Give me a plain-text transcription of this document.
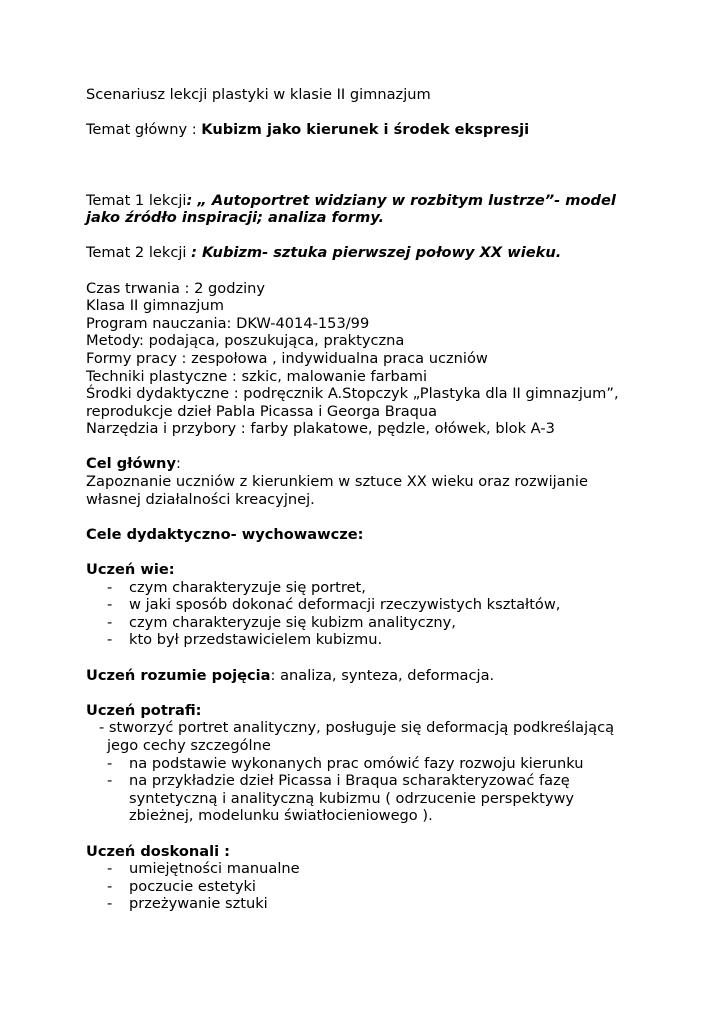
Scenariusz lekcji plastyki w klasie II gimnazjum
Temat główny : Kubizm jako kierunek i środek ekspresji
Temat 1 lekcji: „ Autoportret widziany w rozbitym lustrze”- model
jako źródło inspiracji; analiza formy.
Temat 2 lekcji : Kubizm- sztuka pierwszej połowy XX wieku.
Czas trwania : 2 godziny
Klasa II gimnazjum
Program nauczania: DKW-4014-153/99
Metody: podająca, poszukująca, praktyczna
Formy pracy : zespołowa , indywidualna praca uczniów
Techniki plastyczne : szkic, malowanie farbami
Środki dydaktyczne : podręcznik A.Stopczyk „Plastyka dla II gimnazjum”,
reprodukcje dzieł Pabla Picassa i Georga Braqua
Narzędzia i przybory : farby plakatowe, pędzle, ołówek, blok A-3
Cel główny:
Zapoznanie uczniów z kierunkiem w sztuce XX wieku oraz rozwijanie
własnej działalności kreacyjnej.
Cele dydaktyczno- wychowawcze:
Uczeń wie:
- czym charakteryzuje się portret,
- w jaki sposób dokonać deformacji rzeczywistych kształtów,
- czym charakteryzuje się kubizm analityczny,
- kto był przedstawicielem kubizmu.
Uczeń rozumie pojęcia: analiza, synteza, deformacja.
Uczeń potrafi:
- stworzyć portret analityczny, posługuje się deformacją podkreślającą
jego cechy szczególne
- na podstawie wykonanych prac omówić fazy rozwoju kierunku
- na przykładzie dzieł Picassa i Braqua scharakteryzować fazę syntetyczną i analityczną kubizmu ( odrzucenie perspektywy zbieżnej, modelunku światłocieniowego ).
Uczeń doskonali :
- umiejętności manualne
- poczucie estetyki
- przeżywanie sztuki
